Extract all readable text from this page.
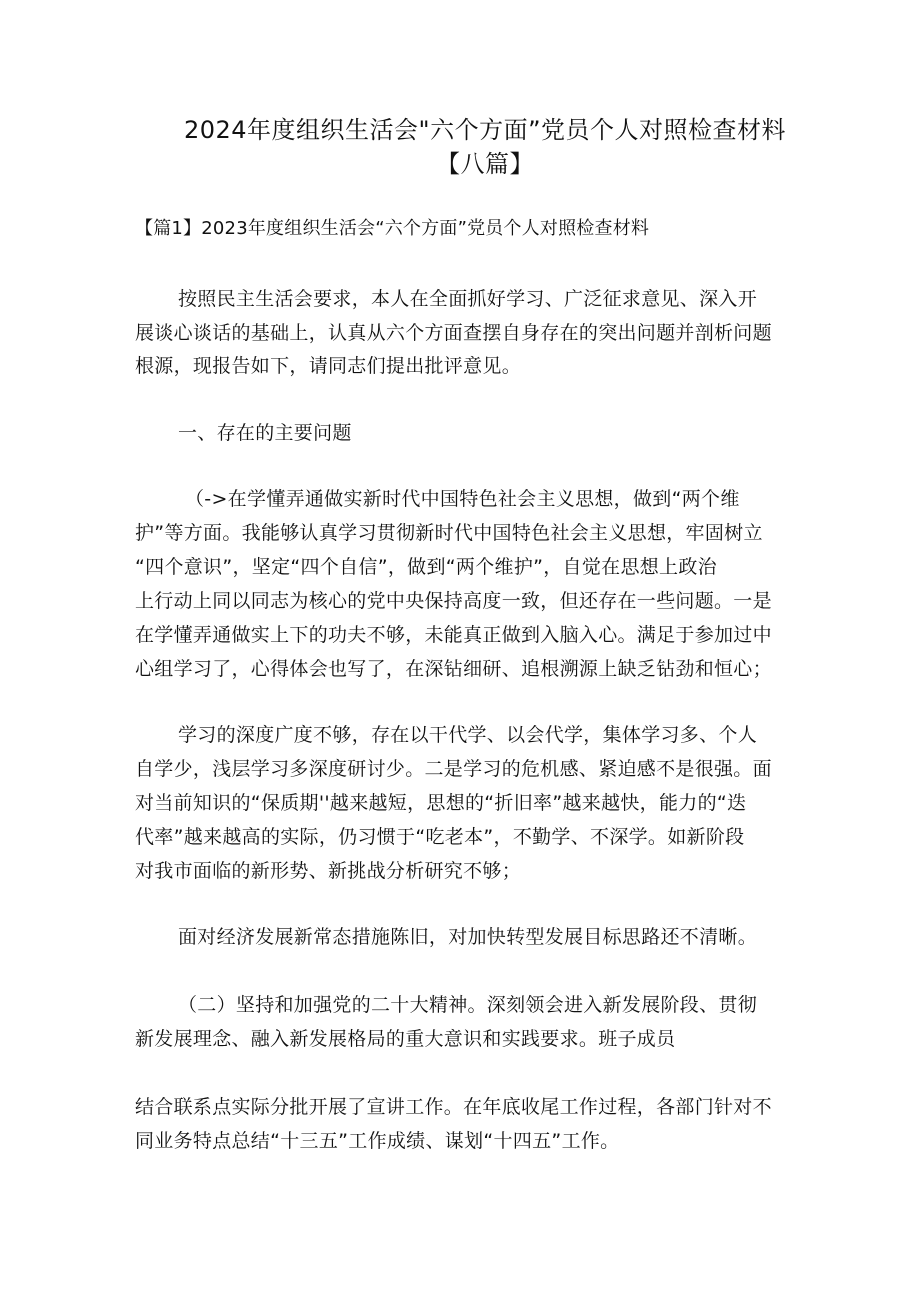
2024年度组织生活会"六个方面”党员个人对照检查材料
【八篇】
【篇1】2023年度组织生活会“六个方面”党员个人对照检查材料
按照民主生活会要求，本人在全面抓好学习、广泛征求意见、深入开
展谈心谈话的基础上，认真从六个方面查摆自身存在的突出问题并剖析问题
根源，现报告如下，请同志们提出批评意见。
一、存在的主要问题
（->在学懂弄通做实新时代中国特色社会主义思想，做到“两个维
护”等方面。我能够认真学习贯彻新时代中国特色社会主义思想，牢固树立
“四个意识”，坚定“四个自信”，做到“两个维护”，自觉在思想上政治
上行动上同以同志为核心的党中央保持高度一致，但还存在一些问题。一是
在学懂弄通做实上下的功夫不够，未能真正做到入脑入心。满足于参加过中
心组学习了，心得体会也写了，在深钻细研、追根溯源上缺乏钻劲和恒心；
学习的深度广度不够，存在以干代学、以会代学，集体学习多、个人
自学少，浅层学习多深度研讨少。二是学习的危机感、紧迫感不是很强。面
对当前知识的“保质期''越来越短，思想的“折旧率”越来越快，能力的“迭
代率”越来越高的实际，仍习惯于“吃老本”，不勤学、不深学。如新阶段
对我市面临的新形势、新挑战分析研究不够；
面对经济发展新常态措施陈旧，对加快转型发展目标思路还不清晰。
（二）坚持和加强党的二十大精神。深刻领会进入新发展阶段、贯彻
新发展理念、融入新发展格局的重大意识和实践要求。班子成员
结合联系点实际分批开展了宣讲工作。在年底收尾工作过程，各部门针对不
同业务特点总结“十三五”工作成绩、谋划“十四五”工作。
